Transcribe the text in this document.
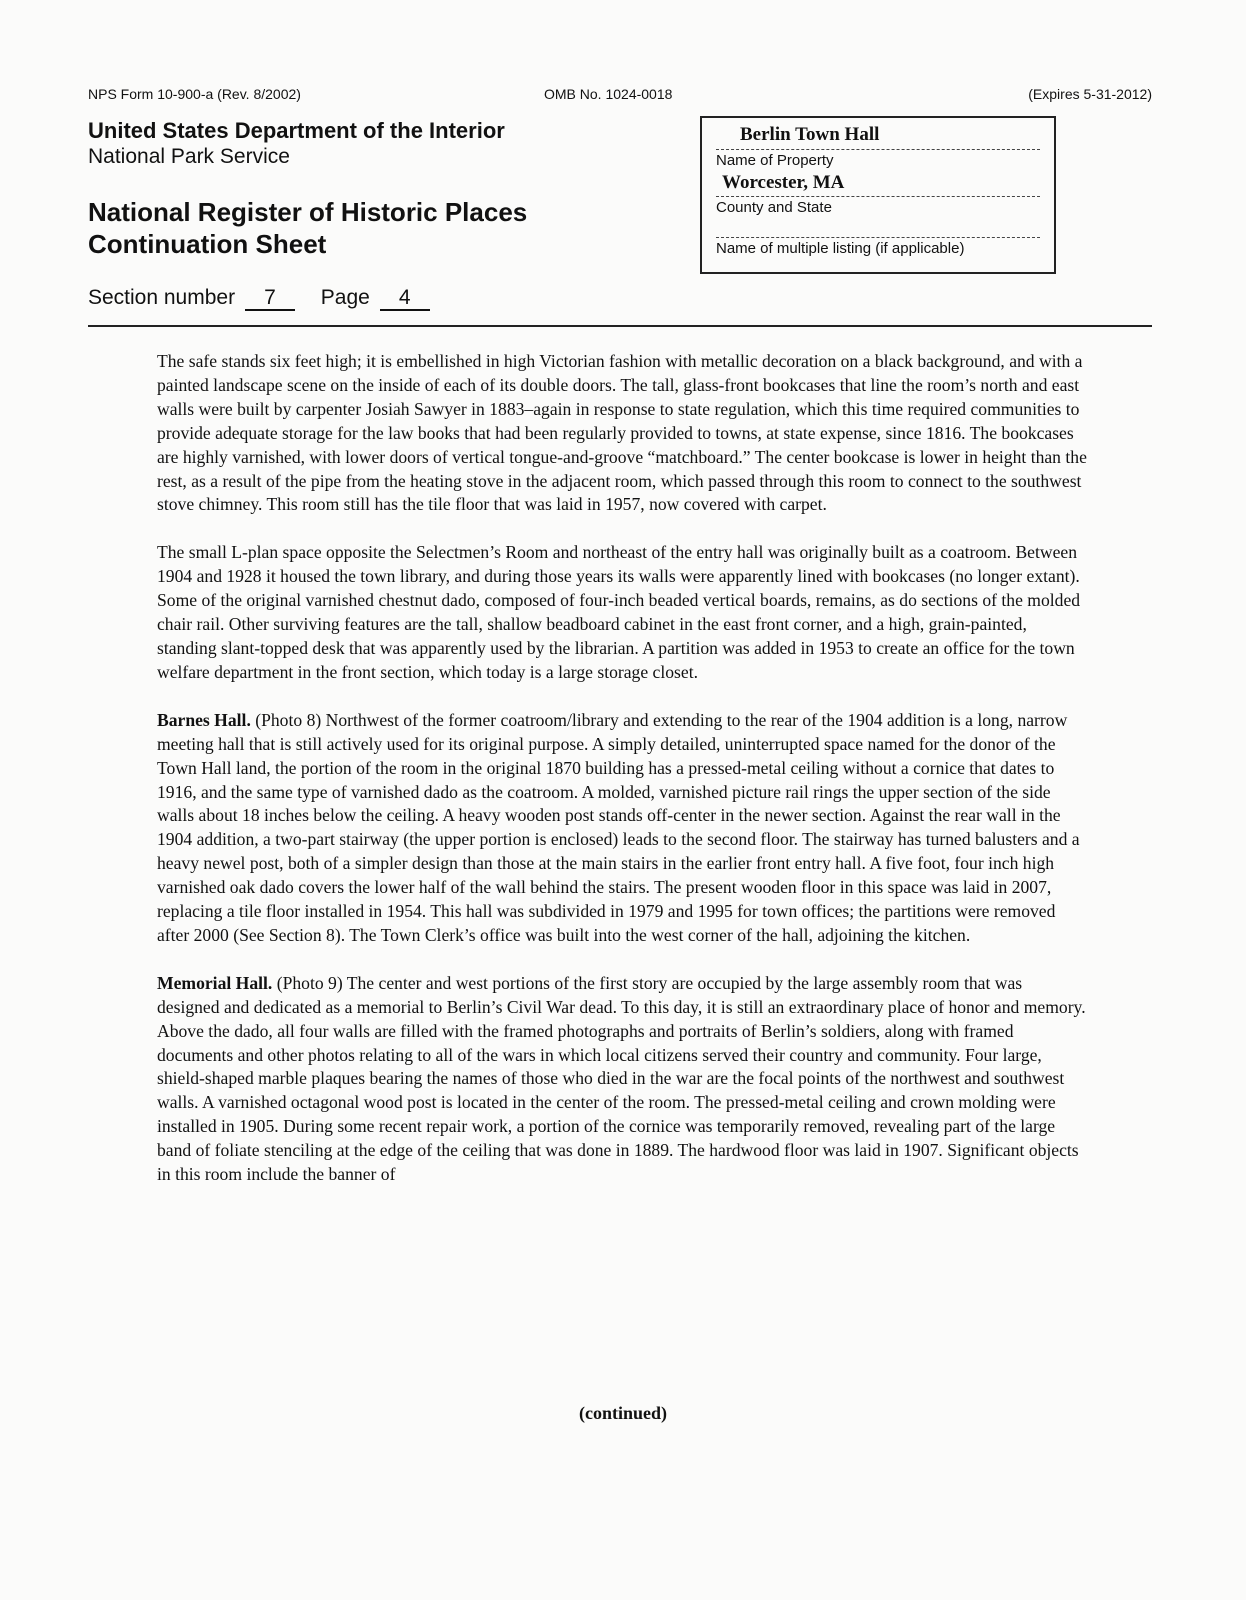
NPS Form 10-900-a (Rev. 8/2002)	OMB No. 1024-0018	(Expires 5-31-2012)
United States Department of the Interior
National Park Service
National Register of Historic Places
Continuation Sheet
Section number 7 Page 4
Berlin Town Hall
Name of Property
Worcester, MA
County and State
Name of multiple listing (if applicable)

The safe stands six feet high; it is embellished in high Victorian fashion with metallic decoration on a black background, and with a painted landscape scene on the inside of each of its double doors. The tall, glass-front bookcases that line the room’s north and east walls were built by carpenter Josiah Sawyer in 1883–again in response to state regulation, which this time required communities to provide adequate storage for the law books that had been regularly provided to towns, at state expense, since 1816. The bookcases are highly varnished, with lower doors of vertical tongue-and-groove “matchboard.” The center bookcase is lower in height than the rest, as a result of the pipe from the heating stove in the adjacent room, which passed through this room to connect to the southwest stove chimney. This room still has the tile floor that was laid in 1957, now covered with carpet.

The small L-plan space opposite the Selectmen’s Room and northeast of the entry hall was originally built as a coatroom. Between 1904 and 1928 it housed the town library, and during those years its walls were apparently lined with bookcases (no longer extant). Some of the original varnished chestnut dado, composed of four-inch beaded vertical boards, remains, as do sections of the molded chair rail. Other surviving features are the tall, shallow beadboard cabinet in the east front corner, and a high, grain-painted, standing slant-topped desk that was apparently used by the librarian. A partition was added in 1953 to create an office for the town welfare department in the front section, which today is a large storage closet.

Barnes Hall. (Photo 8) Northwest of the former coatroom/library and extending to the rear of the 1904 addition is a long, narrow meeting hall that is still actively used for its original purpose. A simply detailed, uninterrupted space named for the donor of the Town Hall land, the portion of the room in the original 1870 building has a pressed-metal ceiling without a cornice that dates to 1916, and the same type of varnished dado as the coatroom. A molded, varnished picture rail rings the upper section of the side walls about 18 inches below the ceiling. A heavy wooden post stands off-center in the newer section. Against the rear wall in the 1904 addition, a two-part stairway (the upper portion is enclosed) leads to the second floor. The stairway has turned balusters and a heavy newel post, both of a simpler design than those at the main stairs in the earlier front entry hall. A five foot, four inch high varnished oak dado covers the lower half of the wall behind the stairs. The present wooden floor in this space was laid in 2007, replacing a tile floor installed in 1954. This hall was subdivided in 1979 and 1995 for town offices; the partitions were removed after 2000 (See Section 8). The Town Clerk’s office was built into the west corner of the hall, adjoining the kitchen.

Memorial Hall. (Photo 9) The center and west portions of the first story are occupied by the large assembly room that was designed and dedicated as a memorial to Berlin’s Civil War dead. To this day, it is still an extraordinary place of honor and memory. Above the dado, all four walls are filled with the framed photographs and portraits of Berlin’s soldiers, along with framed documents and other photos relating to all of the wars in which local citizens served their country and community. Four large, shield-shaped marble plaques bearing the names of those who died in the war are the focal points of the northwest and southwest walls. A varnished octagonal wood post is located in the center of the room. The pressed-metal ceiling and crown molding were installed in 1905. During some recent repair work, a portion of the cornice was temporarily removed, revealing part of the large band of foliate stenciling at the edge of the ceiling that was done in 1889. The hardwood floor was laid in 1907. Significant objects in this room include the banner of

(continued)
